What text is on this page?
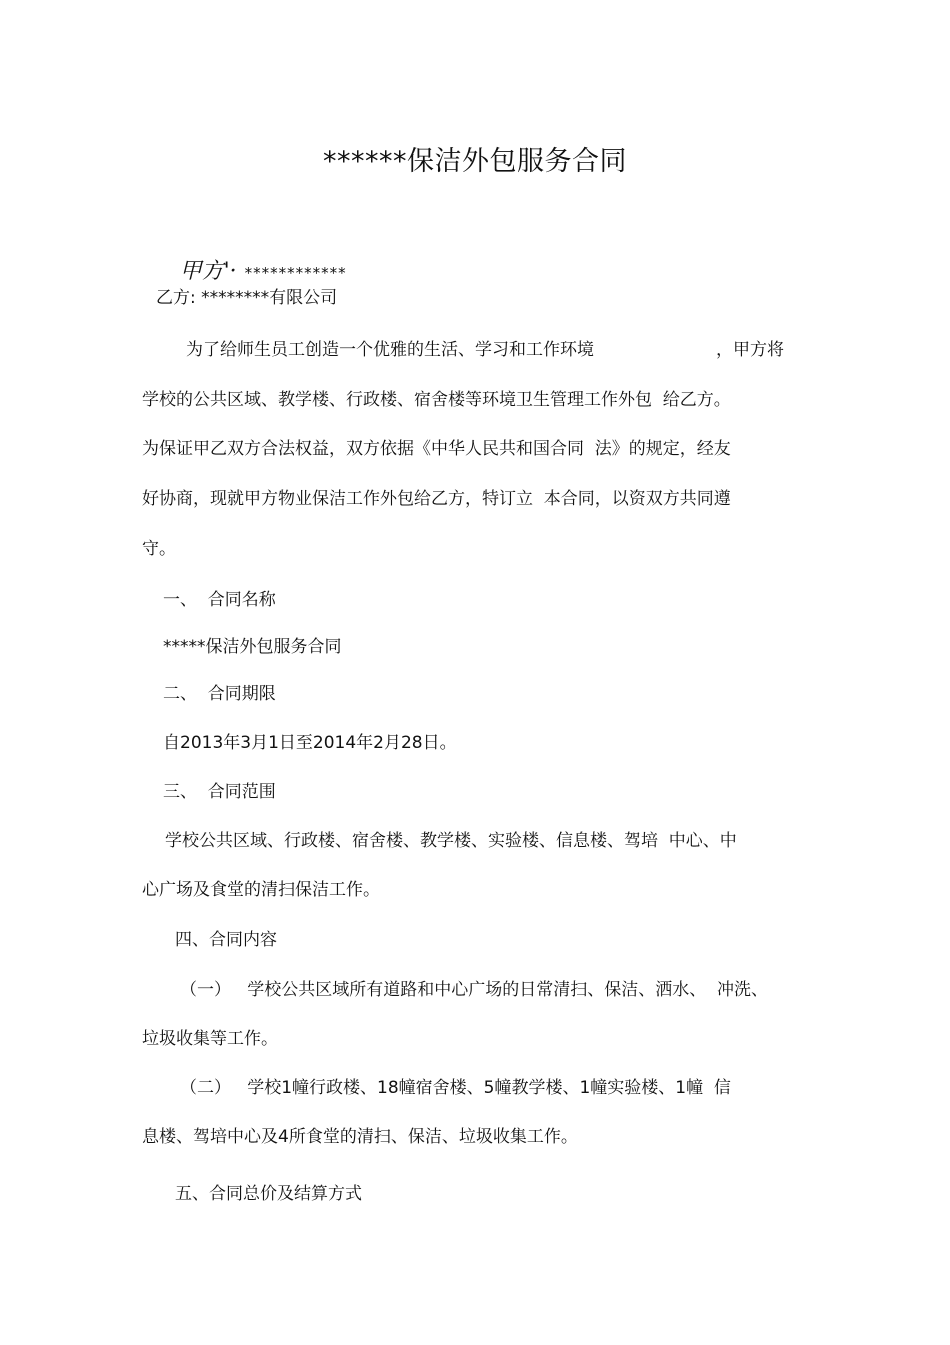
******保洁外包服务合同

甲方'· ************

乙方: ********有限公司
为了给师生员工创造一个优雅的生活、学习和工作环境	，甲方将
学校的公共区域、教学楼、行政楼、宿舍楼等环境卫生管理工作外包  给乙方。
为保证甲乙双方合法权益，双方依据《中华人民共和国合同  法》的规定，经友
好协商，现就甲方物业保洁工作外包给乙方，特订立  本合同，以资双方共同遵
守。
一、  合同名称
*****保洁外包服务合同
二、  合同期限
自2013年3月1日至2014年2月28日。
三、  合同范围
学校公共区域、行政楼、宿舍楼、教学楼、实验楼、信息楼、驾培  中心、中
心广场及食堂的清扫保洁工作。
四、合同内容
（一）   学校公共区域所有道路和中心广场的日常清扫、保洁、洒水、  冲洗、
垃圾收集等工作。
（二）   学校1幢行政楼、18幢宿舍楼、5幢教学楼、1幢实验楼、1幢  信
息楼、驾培中心及4所食堂的清扫、保洁、垃圾收集工作。
五、合同总价及结算方式
